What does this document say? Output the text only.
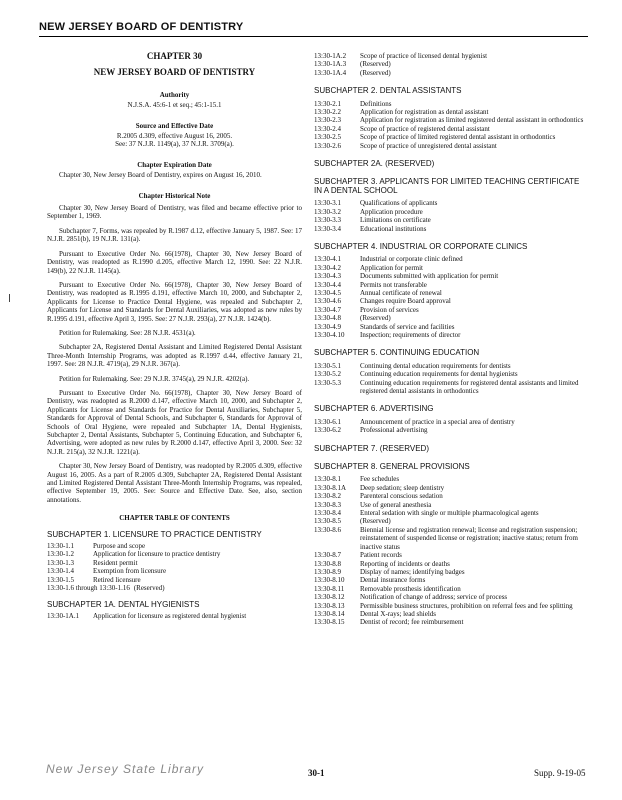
NEW JERSEY BOARD OF DENTISTRY
CHAPTER 30
NEW JERSEY BOARD OF DENTISTRY
Authority
N.J.S.A. 45:6-1 et seq.; 45:1-15.1
Source and Effective Date
R.2005 d.309, effective August 16, 2005.
See: 37 N.J.R. 1149(a), 37 N.J.R. 3709(a).
Chapter Expiration Date

Chapter 30, New Jersey Board of Dentistry, expires on August 16, 2010.

Chapter Historical Note

Chapter 30, New Jersey Board of Dentistry, was filed and became effective prior to September 1, 1969.

Subchapter 7, Forms, was repealed by R.1987 d.12, effective January 5, 1987. See: 17 N.J.R. 2851(b), 19 N.J.R. 131(a).

Pursuant to Executive Order No. 66(1978), Chapter 30, New Jersey Board of Dentistry, was readopted as R.1990 d.205, effective March 12, 1990. See: 22 N.J.R. 149(b), 22 N.J.R. 1145(a).

Pursuant to Executive Order No. 66(1978), Chapter 30, New Jersey Board of Dentistry, was readopted as R.1995 d.191, effective March 10, 2000, and Subchapter 2, Applicants for License to Practice Dental Hygiene, was repealed and Subchapter 2, Applicants for License and Standards for Dental Auxiliaries, was adopted as new rules by R.1995 d.191, effective April 3, 1995. See: 27 N.J.R. 293(a), 27 N.J.R. 1424(b).

Petition for Rulemaking. See: 28 N.J.R. 4531(a).

Subchapter 2A, Registered Dental Assistant and Limited Registered Dental Assistant Three-Month Internship Programs, was adopted as R.1997 d.44, effective January 21, 1997. See: 28 N.J.R. 4719(a), 29 N.J.R. 367(a).

Petition for Rulemaking. See: 29 N.J.R. 3745(a), 29 N.J.R. 4202(a).

Pursuant to Executive Order No. 66(1978), Chapter 30, New Jersey Board of Dentistry, was readopted as R.2000 d.147, effective March 10, 2000, and Subchapter 2, Applicants for License and Standards for Practice for Dental Auxiliaries, Subchapter 5, Standards for Approval of Dental Schools, and Subchapter 6, Standards for Approval of Schools of Oral Hygiene, were repealed and Subchapter 1A, Dental Hygienists, Subchapter 2, Dental Assistants, Subchapter 5, Continuing Education, and Subchapter 6, Advertising, were adopted as new rules by R.2000 d.147, effective April 3, 2000. See: 32 N.J.R. 215(a), 32 N.J.R. 1221(a).

Chapter 30, New Jersey Board of Dentistry, was readopted by R.2005 d.309, effective August 16, 2005. As a part of R.2005 d.309, Subchapter 2A, Registered Dental Assistant and Limited Registered Dental Assistant Three-Month Internship Programs, was repealed, effective September 19, 2005. See: Source and Effective Date. See, also, section annotations.

CHAPTER TABLE OF CONTENTS
SUBCHAPTER 1. LICENSURE TO PRACTICE DENTISTRY
13:30-1.1	Purpose and scope
13:30-1.2	Application for licensure to practice dentistry
13:30-1.3	Resident permit
13:30-1.4	Exemption from licensure
13:30-1.5	Retired licensure
13:30-1.6 through 13:30-1.16 (Reserved)
SUBCHAPTER 1A. DENTAL HYGIENISTS
13:30-1A.1	Application for licensure as registered dental hygienist
13:30-1A.2	Scope of practice of licensed dental hygienist
13:30-1A.3	(Reserved)
13:30-1A.4	(Reserved)
SUBCHAPTER 2. DENTAL ASSISTANTS
13:30-2.1	Definitions
13:30-2.2	Application for registration as dental assistant
13:30-2.3	Application for registration as limited registered dental assistant in orthodontics
13:30-2.4	Scope of practice of registered dental assistant
13:30-2.5	Scope of practice of limited registered dental assistant in orthodontics
13:30-2.6	Scope of practice of unregistered dental assistant
SUBCHAPTER 2A. (RESERVED)
SUBCHAPTER 3. APPLICANTS FOR LIMITED TEACHING CERTIFICATE IN A DENTAL SCHOOL
13:30-3.1	Qualifications of applicants
13:30-3.2	Application procedure
13:30-3.3	Limitations on certificate
13:30-3.4	Educational institutions
SUBCHAPTER 4. INDUSTRIAL OR CORPORATE CLINICS
13:30-4.1	Industrial or corporate clinic defined
13:30-4.2	Application for permit
13:30-4.3	Documents submitted with application for permit
13:30-4.4	Permits not transferable
13:30-4.5	Annual certificate of renewal
13:30-4.6	Changes require Board approval
13:30-4.7	Provision of services
13:30-4.8	(Reserved)
13:30-4.9	Standards of service and facilities
13:30-4.10	Inspection; requirements of director
SUBCHAPTER 5. CONTINUING EDUCATION
13:30-5.1	Continuing dental education requirements for dentists
13:30-5.2	Continuing education requirements for dental hygienists
13:30-5.3	Continuing education requirements for registered dental assistants and limited registered dental assistants in orthodontics
SUBCHAPTER 6. ADVERTISING
13:30-6.1	Announcement of practice in a special area of dentistry
13:30-6.2	Professional advertising
SUBCHAPTER 7. (RESERVED)
SUBCHAPTER 8. GENERAL PROVISIONS
13:30-8.1	Fee schedules
13:30-8.1A	Deep sedation; sleep dentistry
13:30-8.2	Parenteral conscious sedation
13:30-8.3	Use of general anesthesia
13:30-8.4	Enteral sedation with single or multiple pharmacological agents
13:30-8.5	(Reserved)
13:30-8.6	Biennial license and registration renewal; license and registration suspension; reinstatement of suspended license or registration; inactive status; return from inactive status
13:30-8.7	Patient records
13:30-8.8	Reporting of incidents or deaths
13:30-8.9	Display of names; identifying badges
13:30-8.10	Dental insurance forms
13:30-8.11	Removable prosthesis identification
13:30-8.12	Notification of change of address; service of process
13:30-8.13	Permissible business structures, prohibition on referral fees and fee splitting
13:30-8.14	Dental X-rays; lead shields
13:30-8.15	Dentist of record; fee reimbursement
New Jersey State Library	30-1	Supp. 9-19-05
